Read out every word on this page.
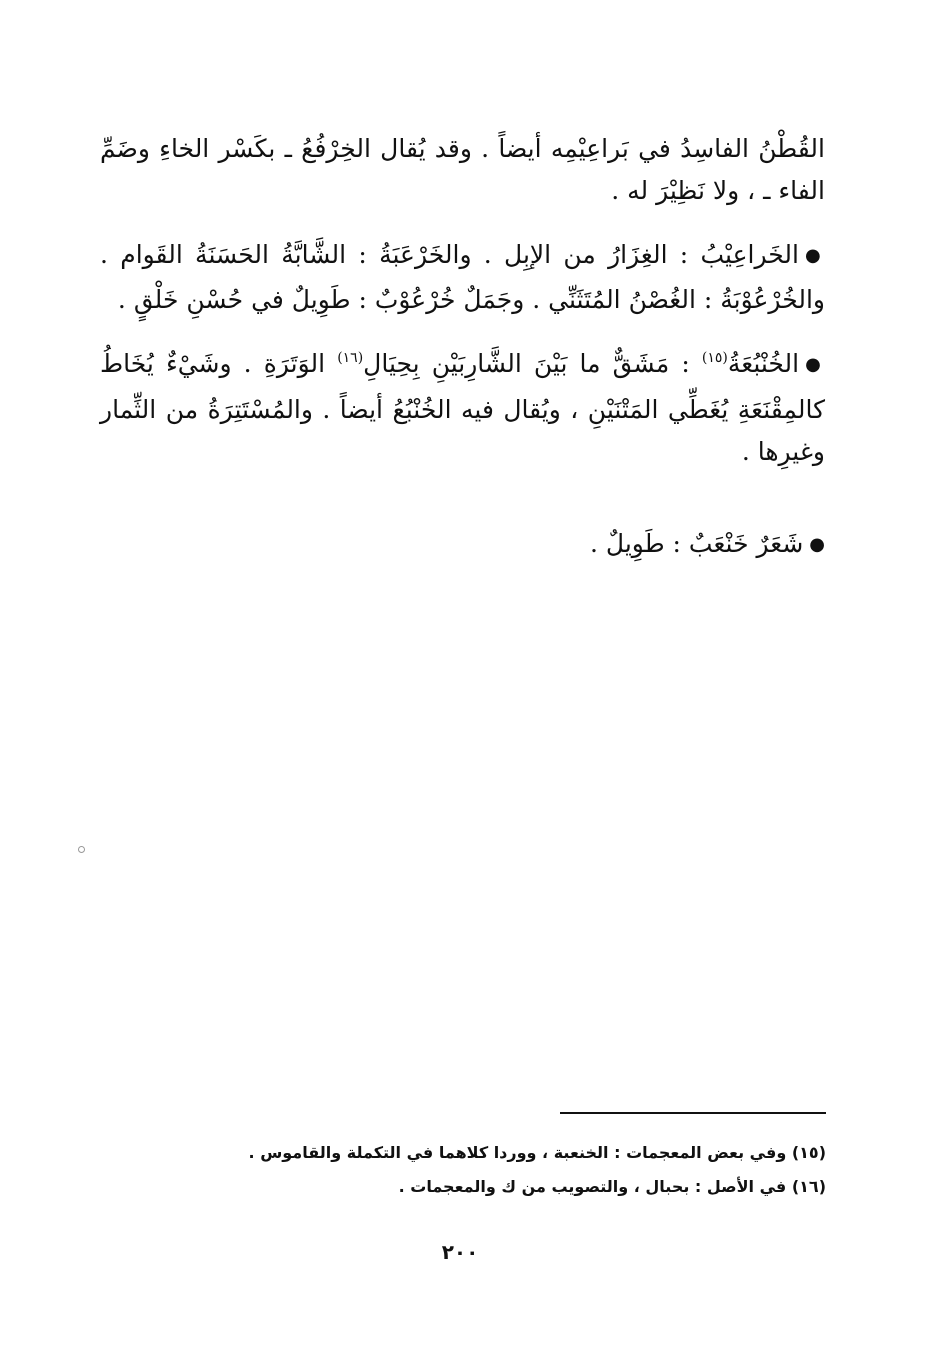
القُطْنُ الفاسِدُ في بَراعِيْمِه أيضاً . وقد يُقال الخِرْفُعُ ـ بكَسْر الخاءِ وضَمِّ الفاء ـ ، ولا نَظِيْرَ له .

●الخَراعِيْبُ : الغِزَارُ من الإبِل . والخَرْعَبَةُ : الشَّابَّةُ الحَسَنَةُ القَوام . والخُرْعُوْبَةُ : الغُصْنُ المُتَثَنِّي . وجَمَلٌ خُرْعُوْبٌ : طَوِيلٌ في حُسْنِ خَلْقٍ .

●الخُنْبُعَةُ$^{(١٥)}$ : مَشَقٌّ ما بَيْنَ الشَّارِبَيْنِ بِحِيَالِ$^{(١٦)}$ الوَتَرَةِ . وشَيْءٌ يُخَاطُ كالمِقْنَعَةِ يُغَطِّي المَتْنَيْنِ ، ويُقال فيه الخُنْبُعُ أيضاً . والمُسْتَتِرَةُ من الثِّمار وغيرِها .

●شَعَرٌ خَنْعَبٌ : طَوِيلٌ .

(١٥) وفي بعض المعجمات : الخنعبة ، ووردا كلاهما في التكملة والقاموس .

(١٦) في الأصل : بحبال ، والتصويب من ك والمعجمات .

٢٠٠
